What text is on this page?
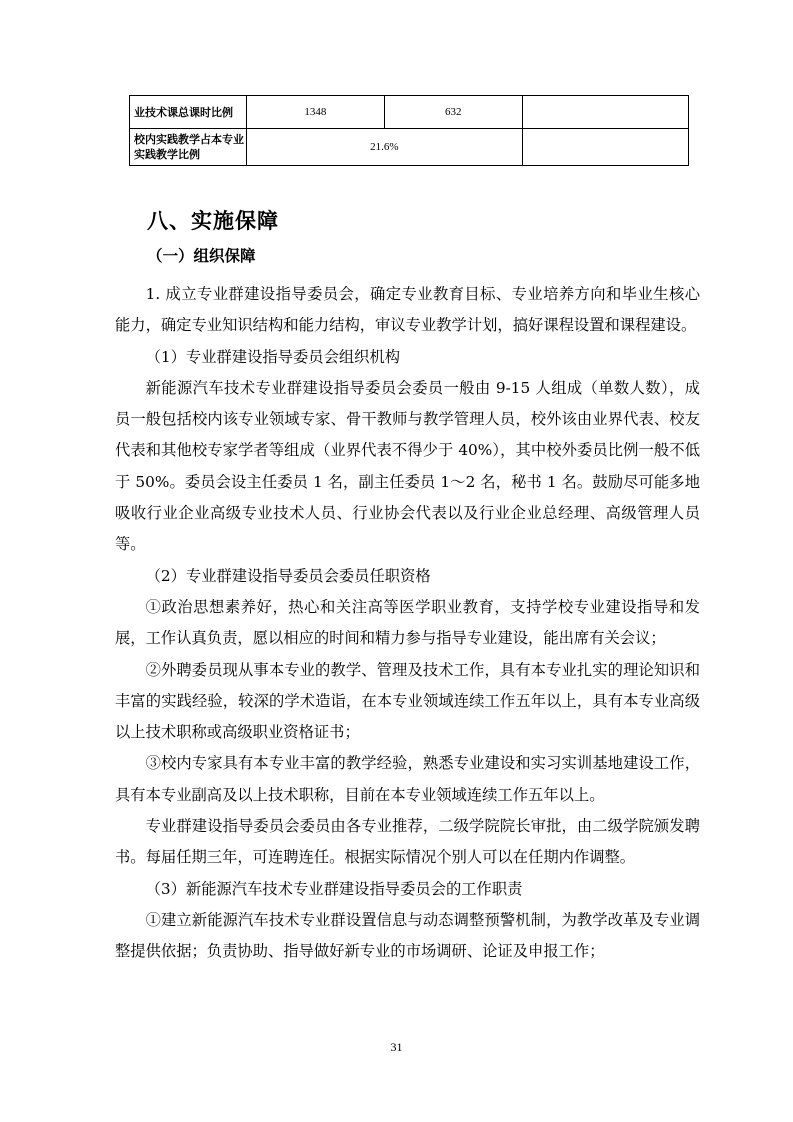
业技术课总课时比例	1348	632	
校内实践教学占本专业实践教学比例	21.6%		
八、实施保障
（一）组织保障

1. 成立专业群建设指导委员会，确定专业教育目标、专业培养方向和毕业生核心能力，确定专业知识结构和能力结构，审议专业教学计划，搞好课程设置和课程建设。

（1）专业群建设指导委员会组织机构

新能源汽车技术专业群建设指导委员会委员一般由 9-15 人组成（单数人数），成员一般包括校内该专业领域专家、骨干教师与教学管理人员，校外该由业界代表、校友代表和其他校专家学者等组成（业界代表不得少于 40%），其中校外委员比例一般不低于 50%。委员会设主任委员 1 名，副主任委员 1～2 名，秘书 1 名。鼓励尽可能多地吸收行业企业高级专业技术人员、行业协会代表以及行业企业总经理、高级管理人员等。

（2）专业群建设指导委员会委员任职资格

①政治思想素养好，热心和关注高等医学职业教育，支持学校专业建设指导和发展，工作认真负责，愿以相应的时间和精力参与指导专业建设，能出席有关会议；

②外聘委员现从事本专业的教学、管理及技术工作，具有本专业扎实的理论知识和丰富的实践经验，较深的学术造诣，在本专业领域连续工作五年以上，具有本专业高级以上技术职称或高级职业资格证书；

③校内专家具有本专业丰富的教学经验，熟悉专业建设和实习实训基地建设工作，具有本专业副高及以上技术职称，目前在本专业领域连续工作五年以上。

专业群建设指导委员会委员由各专业推荐，二级学院院长审批，由二级学院颁发聘书。每届任期三年，可连聘连任。根据实际情况个别人可以在任期内作调整。

（3）新能源汽车技术专业群建设指导委员会的工作职责

①建立新能源汽车技术专业群设置信息与动态调整预警机制，为教学改革及专业调整提供依据；负责协助、指导做好新专业的市场调研、论证及申报工作；

31
